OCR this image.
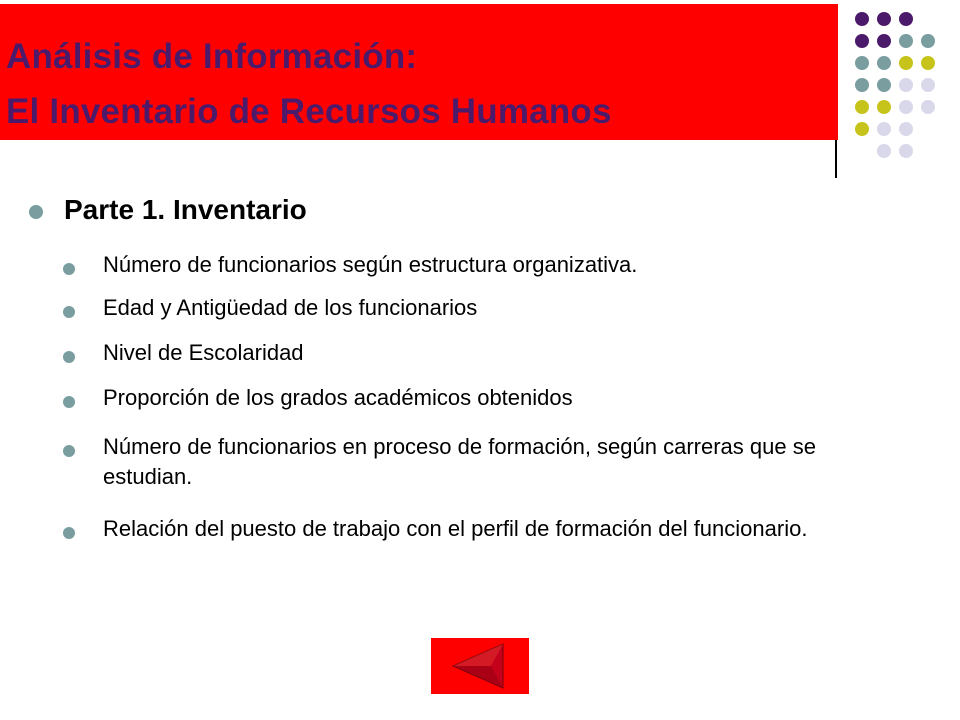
Análisis de Información:
El Inventario de Recursos Humanos
Parte 1. Inventario
Número de funcionarios según estructura organizativa.
Edad y Antigüedad de los funcionarios
Nivel de Escolaridad
Proporción de los grados académicos obtenidos
Número de funcionarios en proceso de formación, según carreras que se estudian.
Relación del puesto de trabajo con el perfil de formación del funcionario.
